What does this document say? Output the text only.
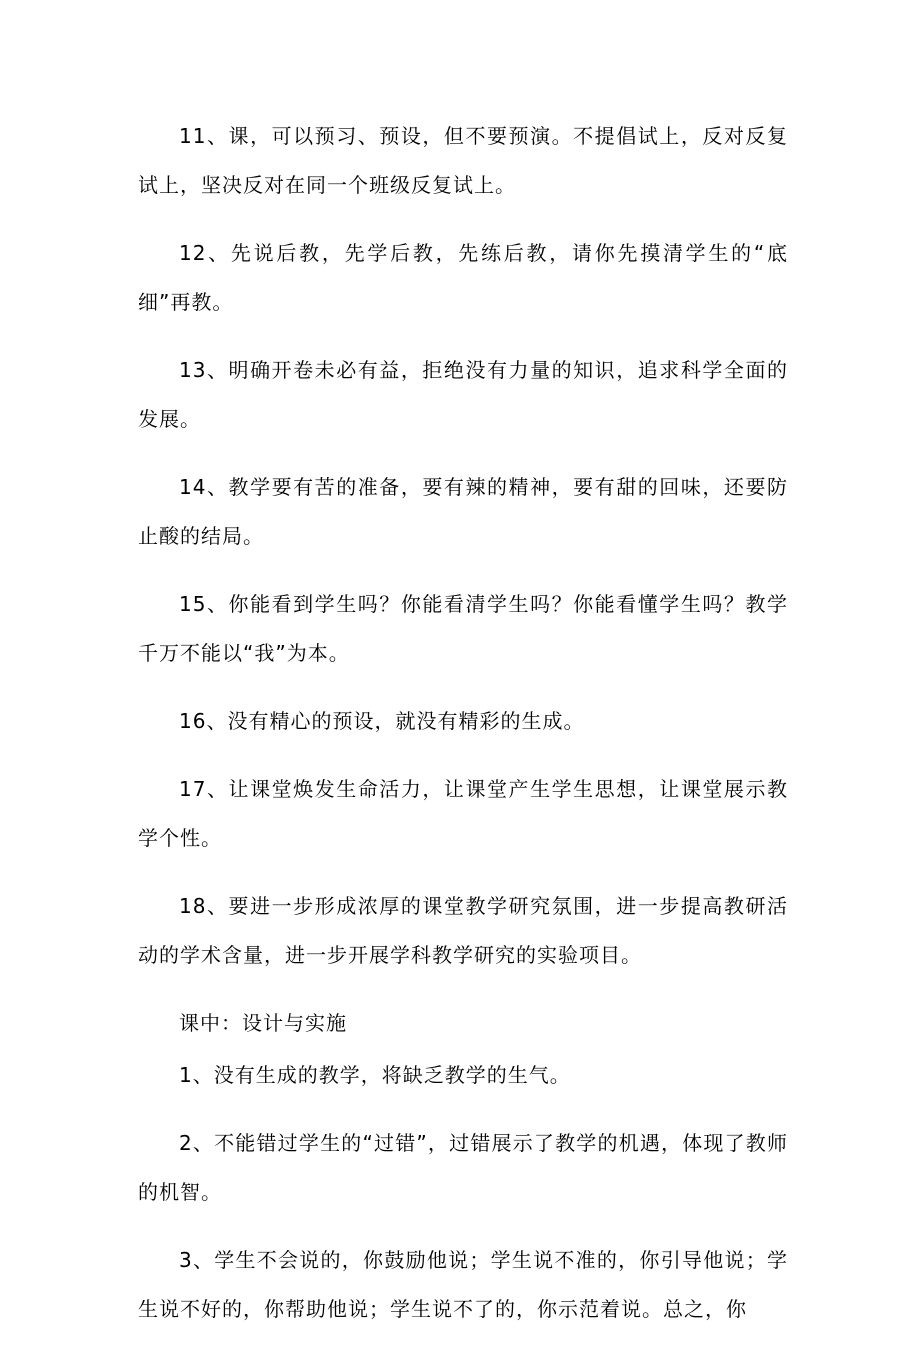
11、课，可以预习、预设，但不要预演。不提倡试上，反对反复试上，坚决反对在同一个班级反复试上。

12、先说后教，先学后教，先练后教，请你先摸清学生的“底细”再教。

13、明确开卷未必有益，拒绝没有力量的知识，追求科学全面的发展。

14、教学要有苦的准备，要有辣的精神，要有甜的回味，还要防止酸的结局。

15、你能看到学生吗？你能看清学生吗？你能看懂学生吗？教学千万不能以“我”为本。

16、没有精心的预设，就没有精彩的生成。

17、让课堂焕发生命活力，让课堂产生学生思想，让课堂展示教学个性。

18、要进一步形成浓厚的课堂教学研究氛围，进一步提高教研活动的学术含量，进一步开展学科教学研究的实验项目。

课中：设计与实施

1、没有生成的教学，将缺乏教学的生气。

2、不能错过学生的“过错”，过错展示了教学的机遇，体现了教师的机智。

3、学生不会说的，你鼓励他说；学生说不准的，你引导他说；学生说不好的，你帮助他说；学生说不了的，你示范着说。总之，你
